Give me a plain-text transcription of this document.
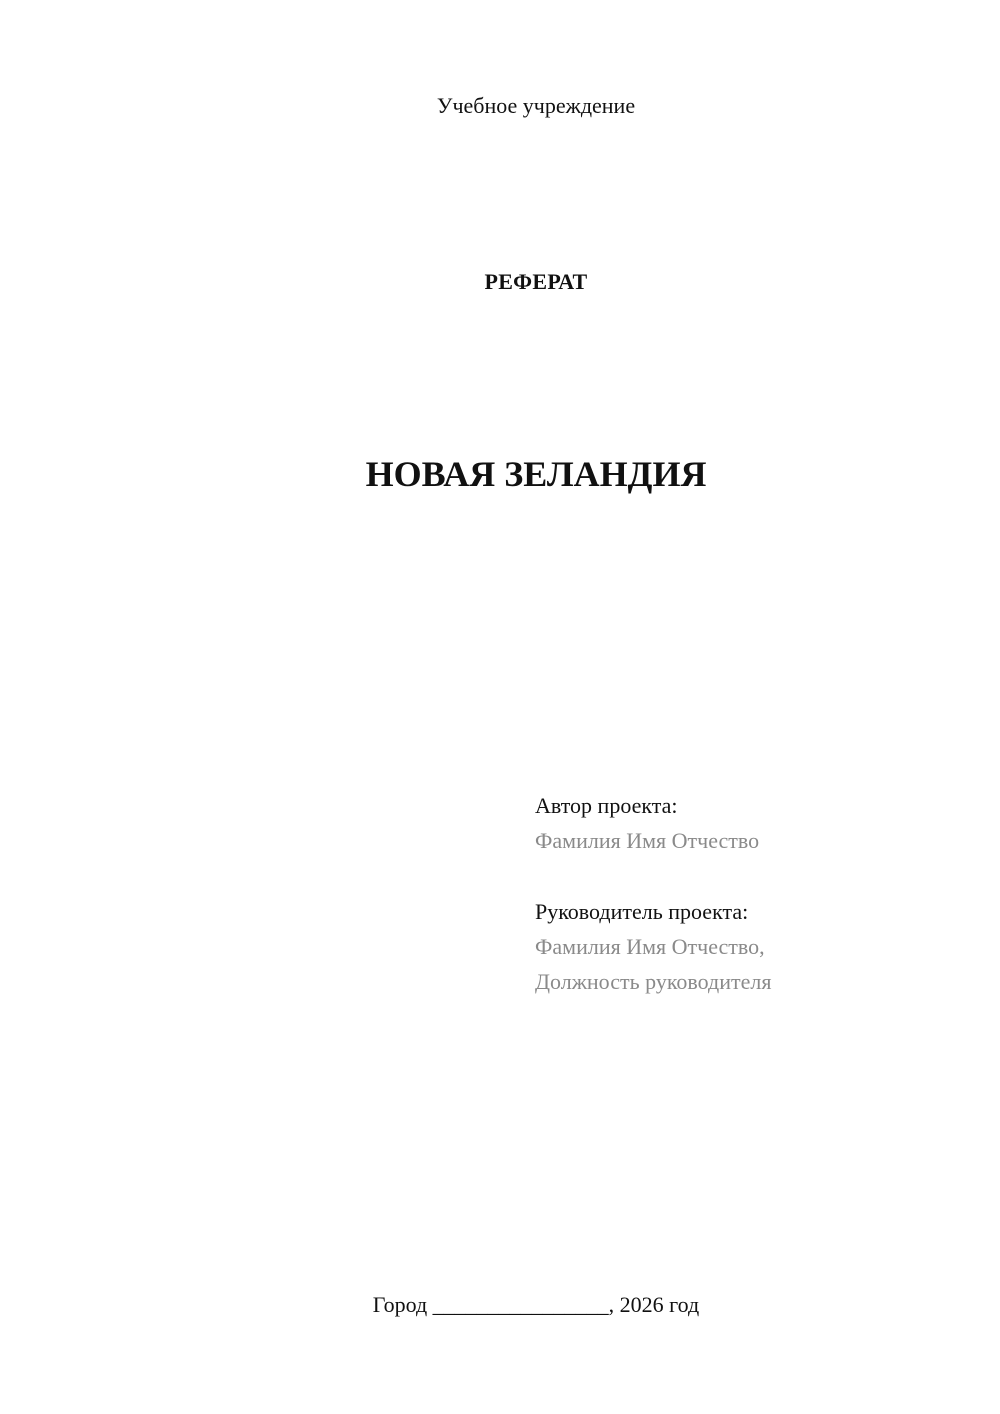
Учебное учреждение

РЕФЕРАТ

НОВАЯ ЗЕЛАНДИЯ

Автор проекта:

Фамилия Имя Отчество

Руководитель проекта:

Фамилия Имя Отчество,

Должность руководителя

Город ________________, 2026 год
